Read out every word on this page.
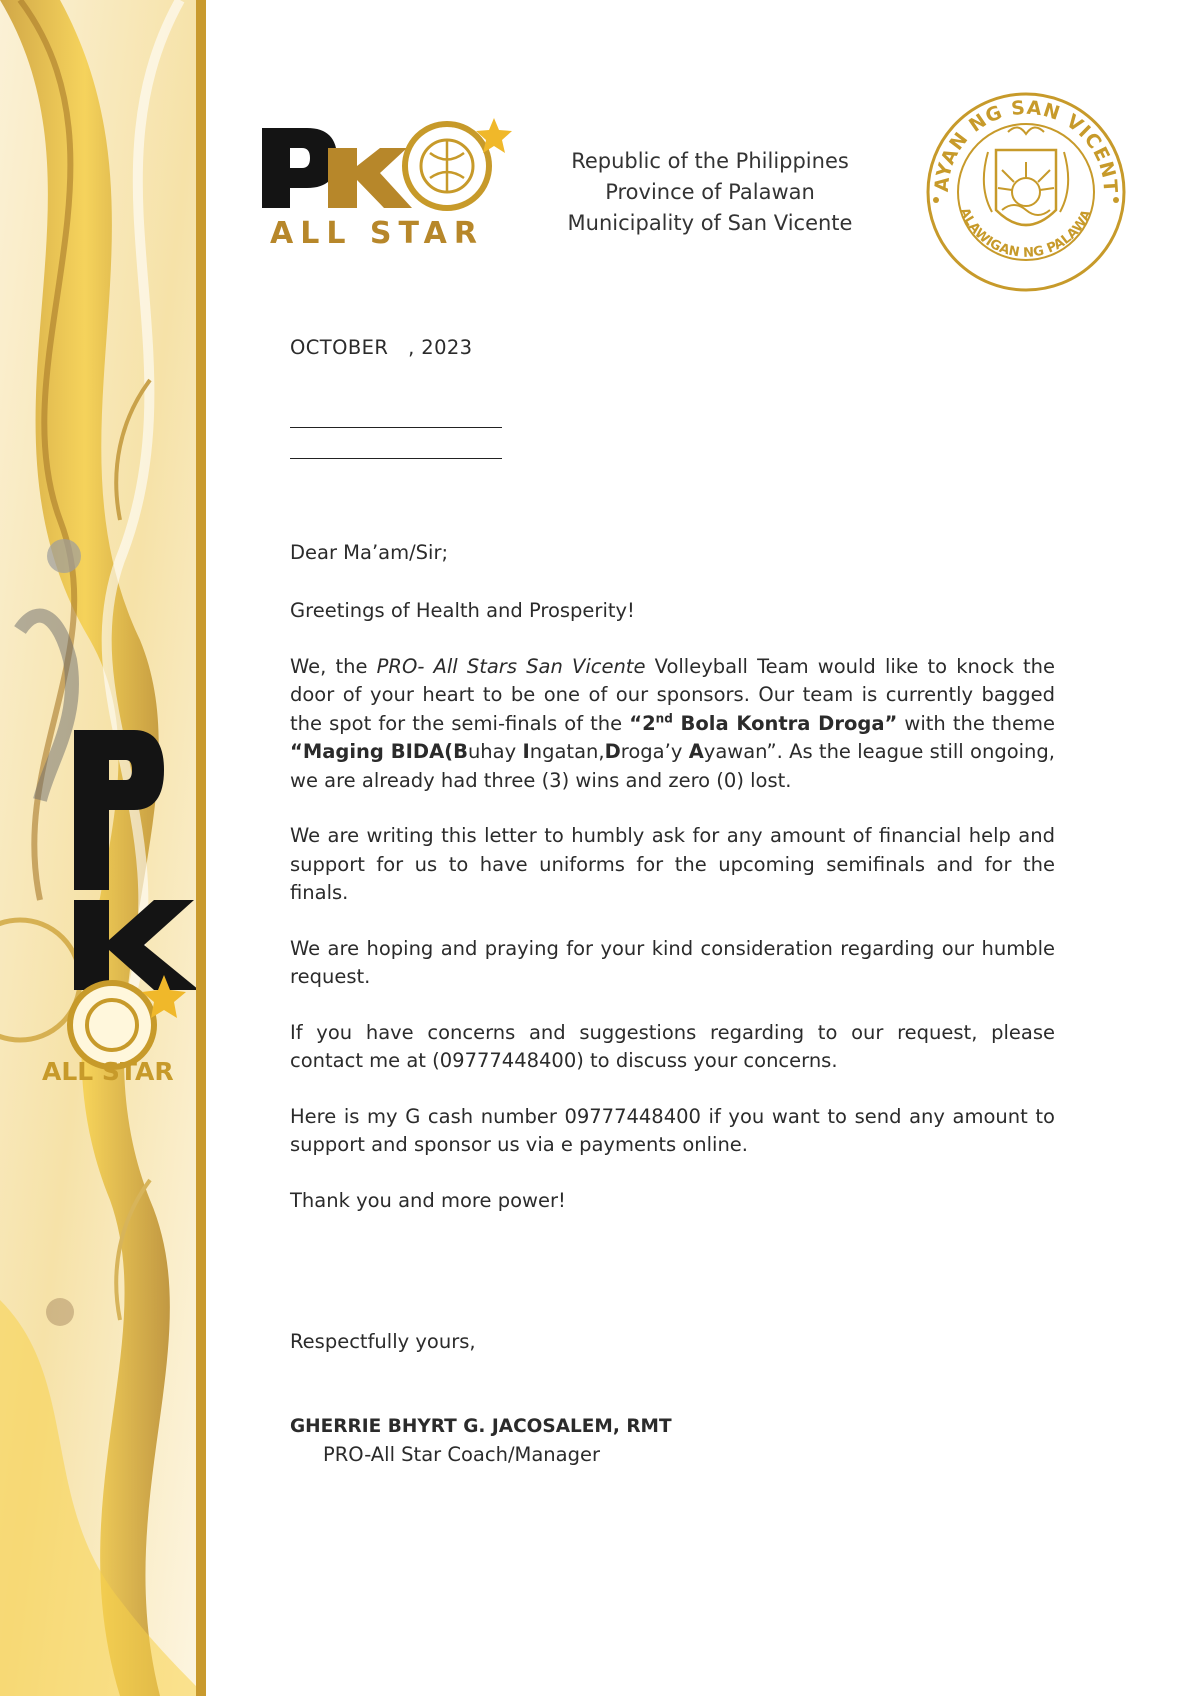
ALL STAR
ALL STAR
Republic of the Philippines
Province of Palawan
Municipality of San Vicente
AYAN NG SAN VICENT
ALAWIGAN NG PALAWA
OCTOBER   , 2023

Dear Ma’am/Sir;

Greetings of Health and Prosperity!

We, the PRO- All Stars San Vicente Volleyball Team would like to knock the door of your heart to be one of our sponsors. Our team is currently bagged the spot for the semi-finals of the “2nd Bola Kontra Droga” with the theme “Maging BIDA(Buhay Ingatan,Droga’y Ayawan”. As the league still ongoing, we are already had three (3) wins and zero (0) lost.

We are writing this letter to humbly ask for any amount of financial help and support for us to have uniforms for the upcoming semifinals and for the finals.

We are hoping and praying for your kind consideration regarding our humble request.

If you have concerns and suggestions regarding to our request, please contact me at (09777448400) to discuss your concerns.

Here is my G cash number 09777448400 if you want to send any amount to support and sponsor us via e payments online.

Thank you and more power!

Respectfully yours,

GHERRIE BHYRT G. JACOSALEM, RMT

PRO-All Star Coach/Manager
